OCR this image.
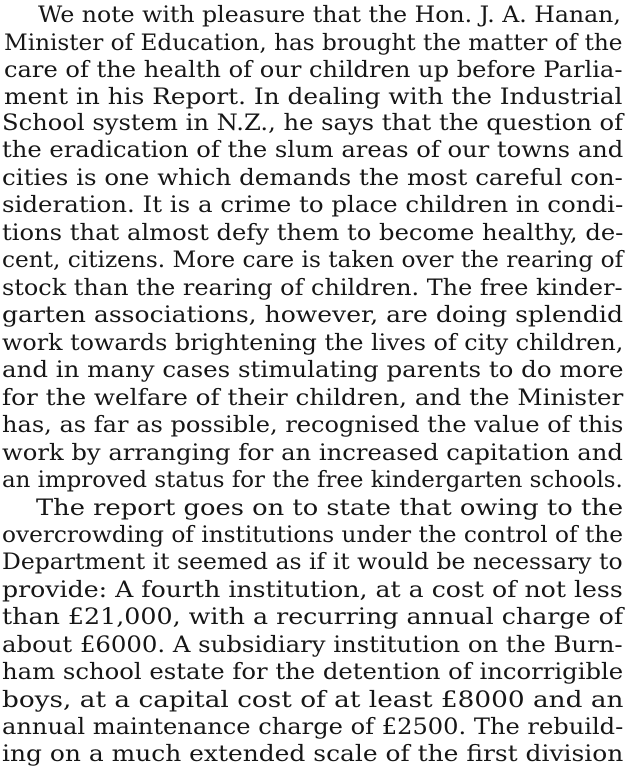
We note with pleasure that the Hon. J. A. Hanan,
Minister of Education, has brought the matter of the
care of the health of our children up before Parlia-
ment in his Report. In dealing with the Industrial
School system in N.Z., he says that the question of
the eradication of the slum areas of our towns and
cities is one which demands the most careful con-
sideration. It is a crime to place children in condi-
tions that almost defy them to become healthy, de-
cent, citizens. More care is taken over the rearing of
stock than the rearing of children. The free kinder-
garten associations, however, are doing splendid
work towards brightening the lives of city children,
and in many cases stimulating parents to do more
for the welfare of their children, and the Minister
has, as far as possible, recognised the value of this
work by arranging for an increased capitation and
an improved status for the free kindergarten schools.
The report goes on to state that owing to the
overcrowding of institutions under the control of the
Department it seemed as if it would be necessary to
provide: A fourth institution, at a cost of not less
than £21,000, with a recurring annual charge of
about £6000. A subsidiary institution on the Burn-
ham school estate for the detention of incorrigible
boys, at a capital cost of at least £8000 and an
annual maintenance charge of £2500. The rebuild-
ing on a much extended scale of the first division
